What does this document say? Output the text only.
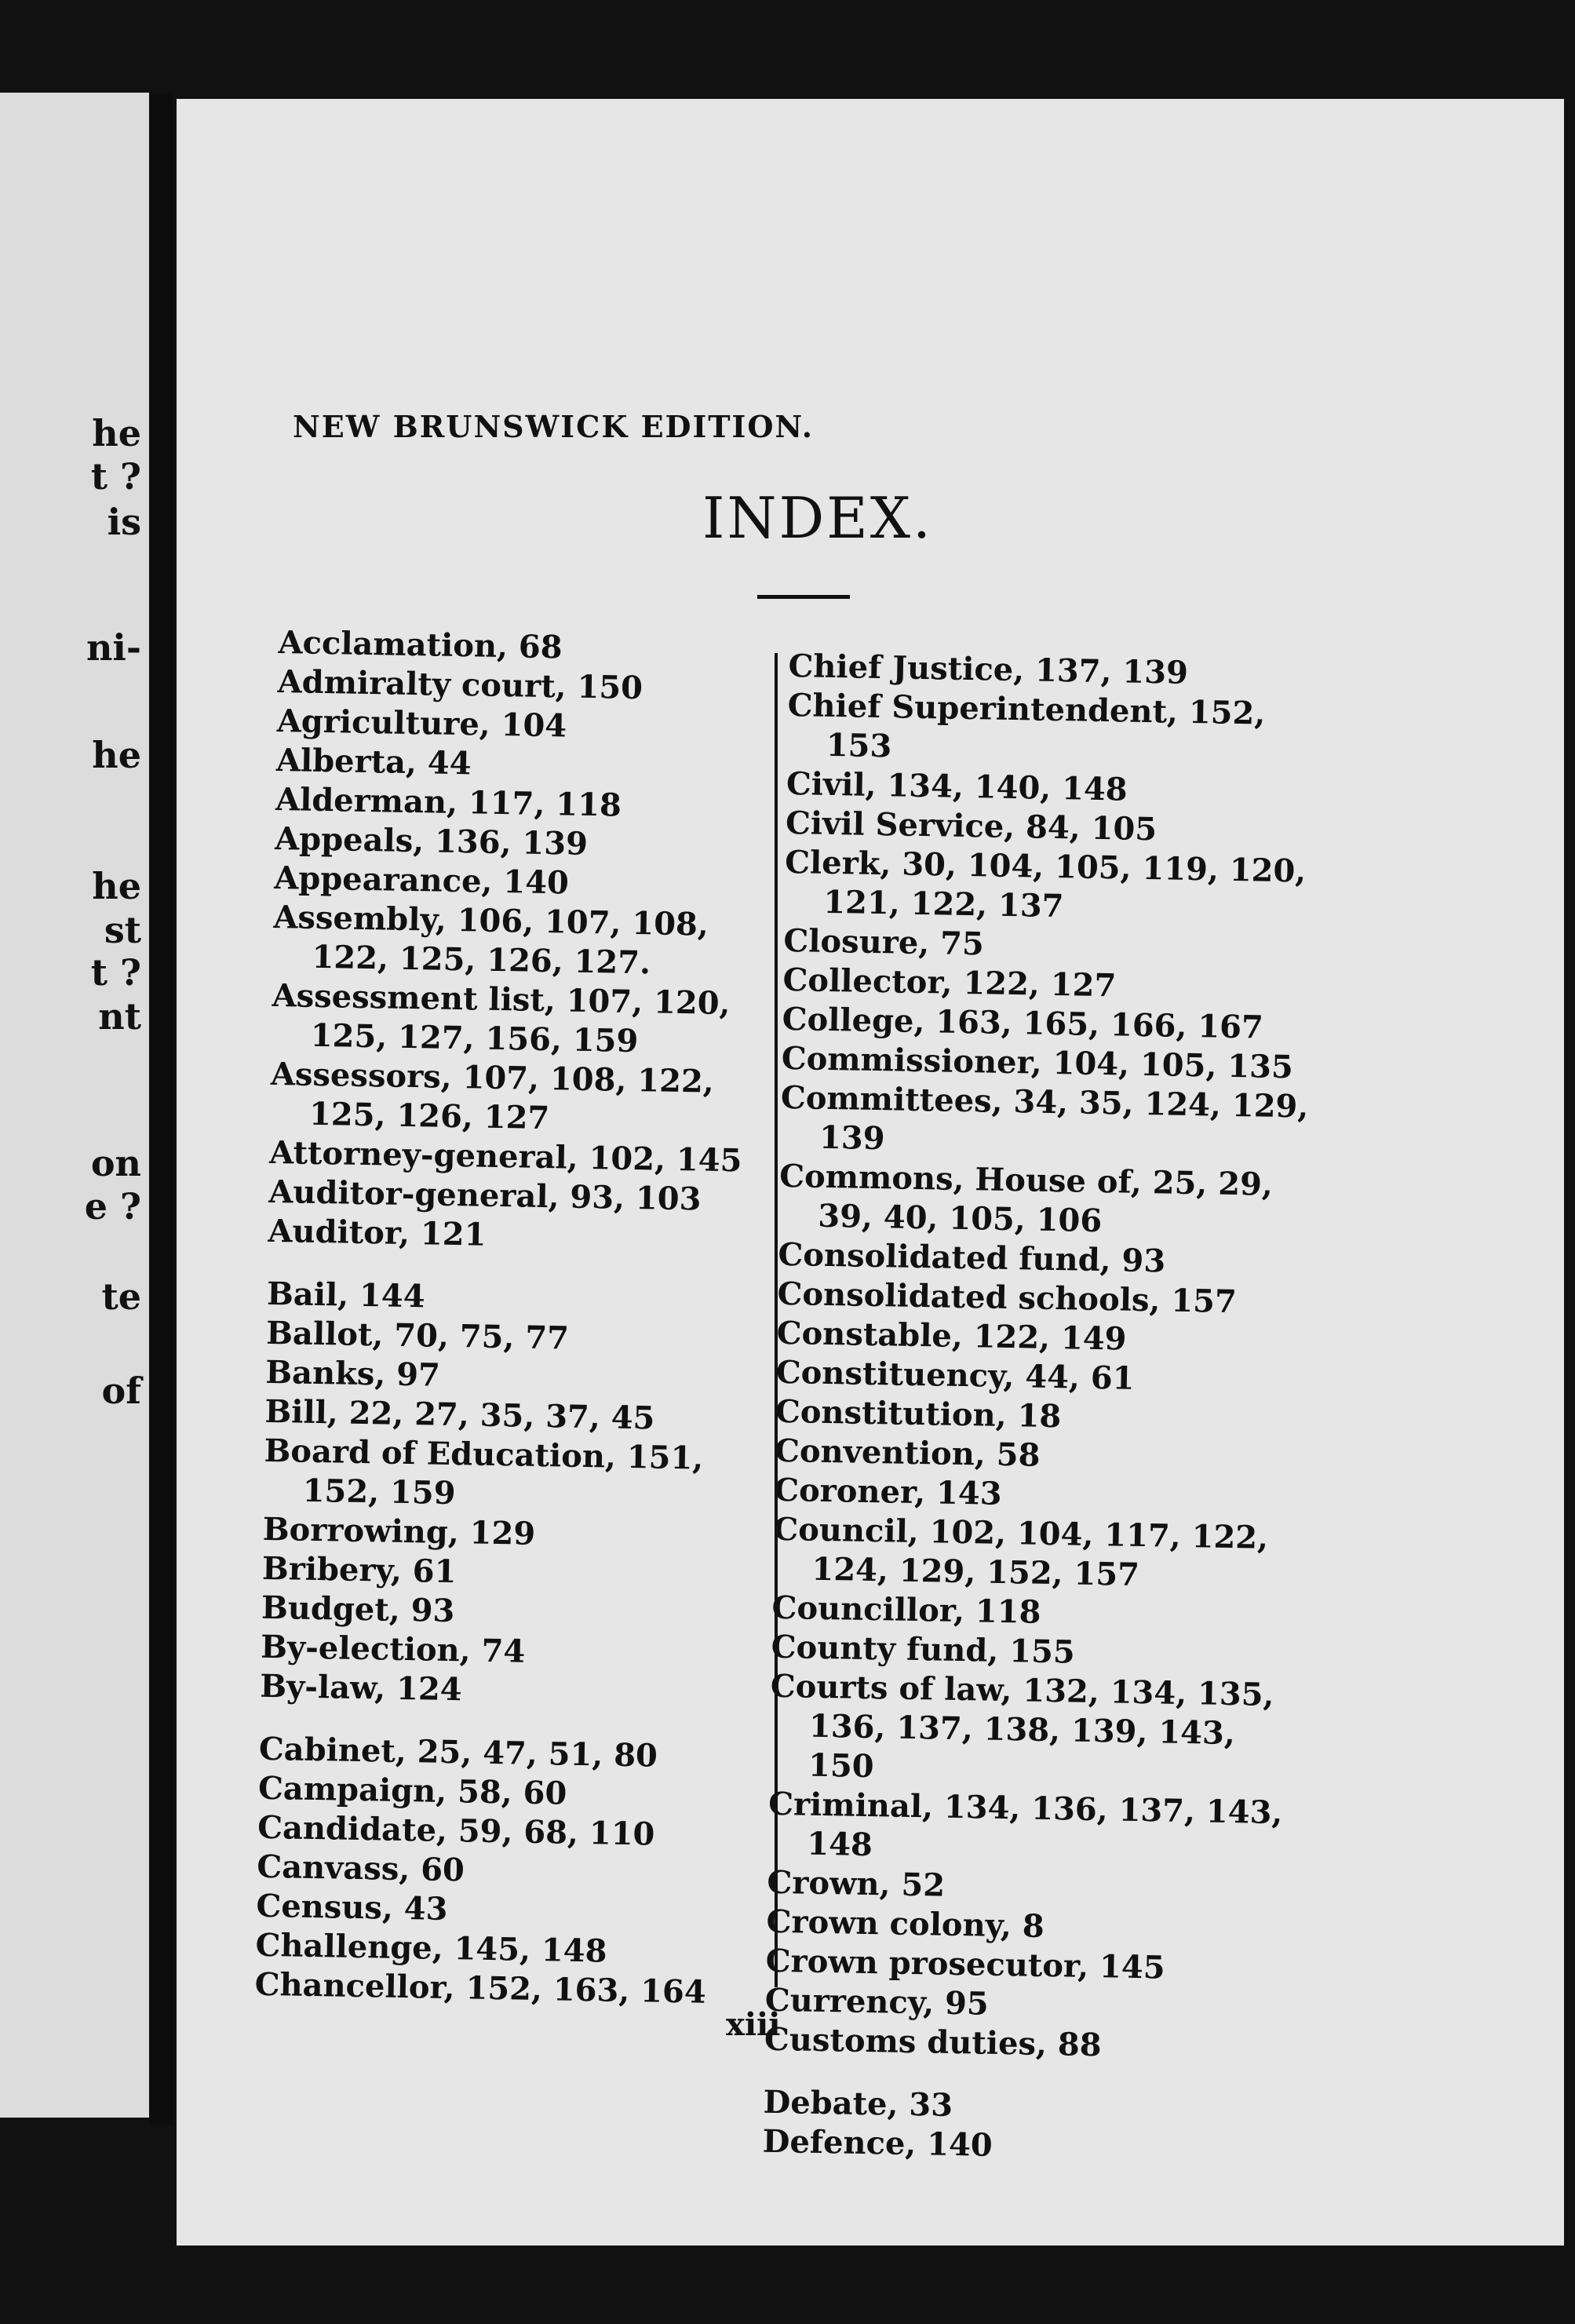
he
t ?
is
ni-
he
he
st
t ?
nt
on
e ?
te
of
NEW BRUNSWICK EDITION.
INDEX.
Acclamation, 68
Admiralty court, 150
Agriculture, 104
Alberta, 44
Alderman, 117, 118
Appeals, 136, 139
Appearance, 140
Assembly, 106, 107, 108, 122, 125, 126, 127.
Assessment list, 107, 120, 125, 127, 156, 159
Assessors, 107, 108, 122, 125, 126, 127
Attorney-general, 102, 145
Auditor-general, 93, 103
Auditor, 121
Bail, 144
Ballot, 70, 75, 77
Banks, 97
Bill, 22, 27, 35, 37, 45
Board of Education, 151, 152, 159
Borrowing, 129
Bribery, 61
Budget, 93
By-election, 74
By-law, 124
Cabinet, 25, 47, 51, 80
Campaign, 58, 60
Candidate, 59, 68, 110
Canvass, 60
Census, 43
Challenge, 145, 148
Chancellor, 152, 163, 164
Chief Justice, 137, 139
Chief Superintendent, 152, 153
Civil, 134, 140, 148
Civil Service, 84, 105
Clerk, 30, 104, 105, 119, 120, 121, 122, 137
Closure, 75
Collector, 122, 127
College, 163, 165, 166, 167
Commissioner, 104, 105, 135
Committees, 34, 35, 124, 129, 139
Commons, House of, 25, 29, 39, 40, 105, 106
Consolidated fund, 93
Consolidated schools, 157
Constable, 122, 149
Constituency, 44, 61
Constitution, 18
Convention, 58
Coroner, 143
Council, 102, 104, 117, 122, 124, 129, 152, 157
Councillor, 118
County fund, 155
Courts of law, 132, 134, 135, 136, 137, 138, 139, 143, 150
Criminal, 134, 136, 137, 143, 148
Crown, 52
Crown colony, 8
Crown prosecutor, 145
Currency, 95
Customs duties, 88
Debate, 33
Defence, 140
xiii
